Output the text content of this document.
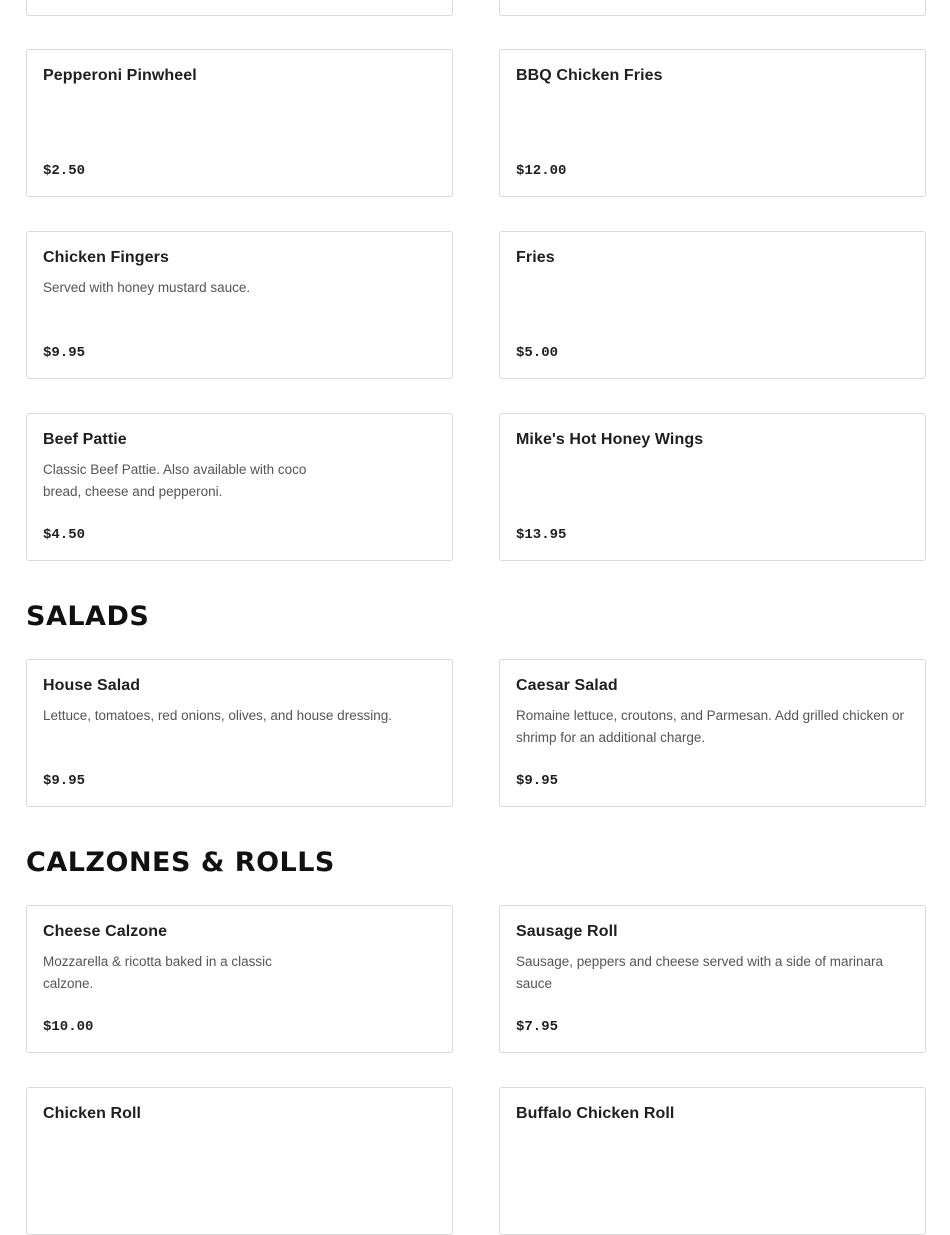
Pepperoni Pinwheel
$2.50
BBQ Chicken Fries
$12.00
Chicken Fingers
Served with honey mustard sauce.
$9.95
Fries
$5.00
Beef Pattie
Classic Beef Pattie. Also available with coco bread, cheese and pepperoni.
$4.50
Mike's Hot Honey Wings
$13.95
SALADS
House Salad
Lettuce, tomatoes, red onions, olives, and house dressing.
$9.95
Caesar Salad
Romaine lettuce, croutons, and Parmesan. Add grilled chicken or shrimp for an additional charge.
$9.95
CALZONES & ROLLS
Cheese Calzone
Mozzarella & ricotta baked in a classic calzone.
$10.00
Sausage Roll
Sausage, peppers and cheese served with a side of marinara sauce
$7.95
Chicken Roll	Buffalo Chicken Roll
